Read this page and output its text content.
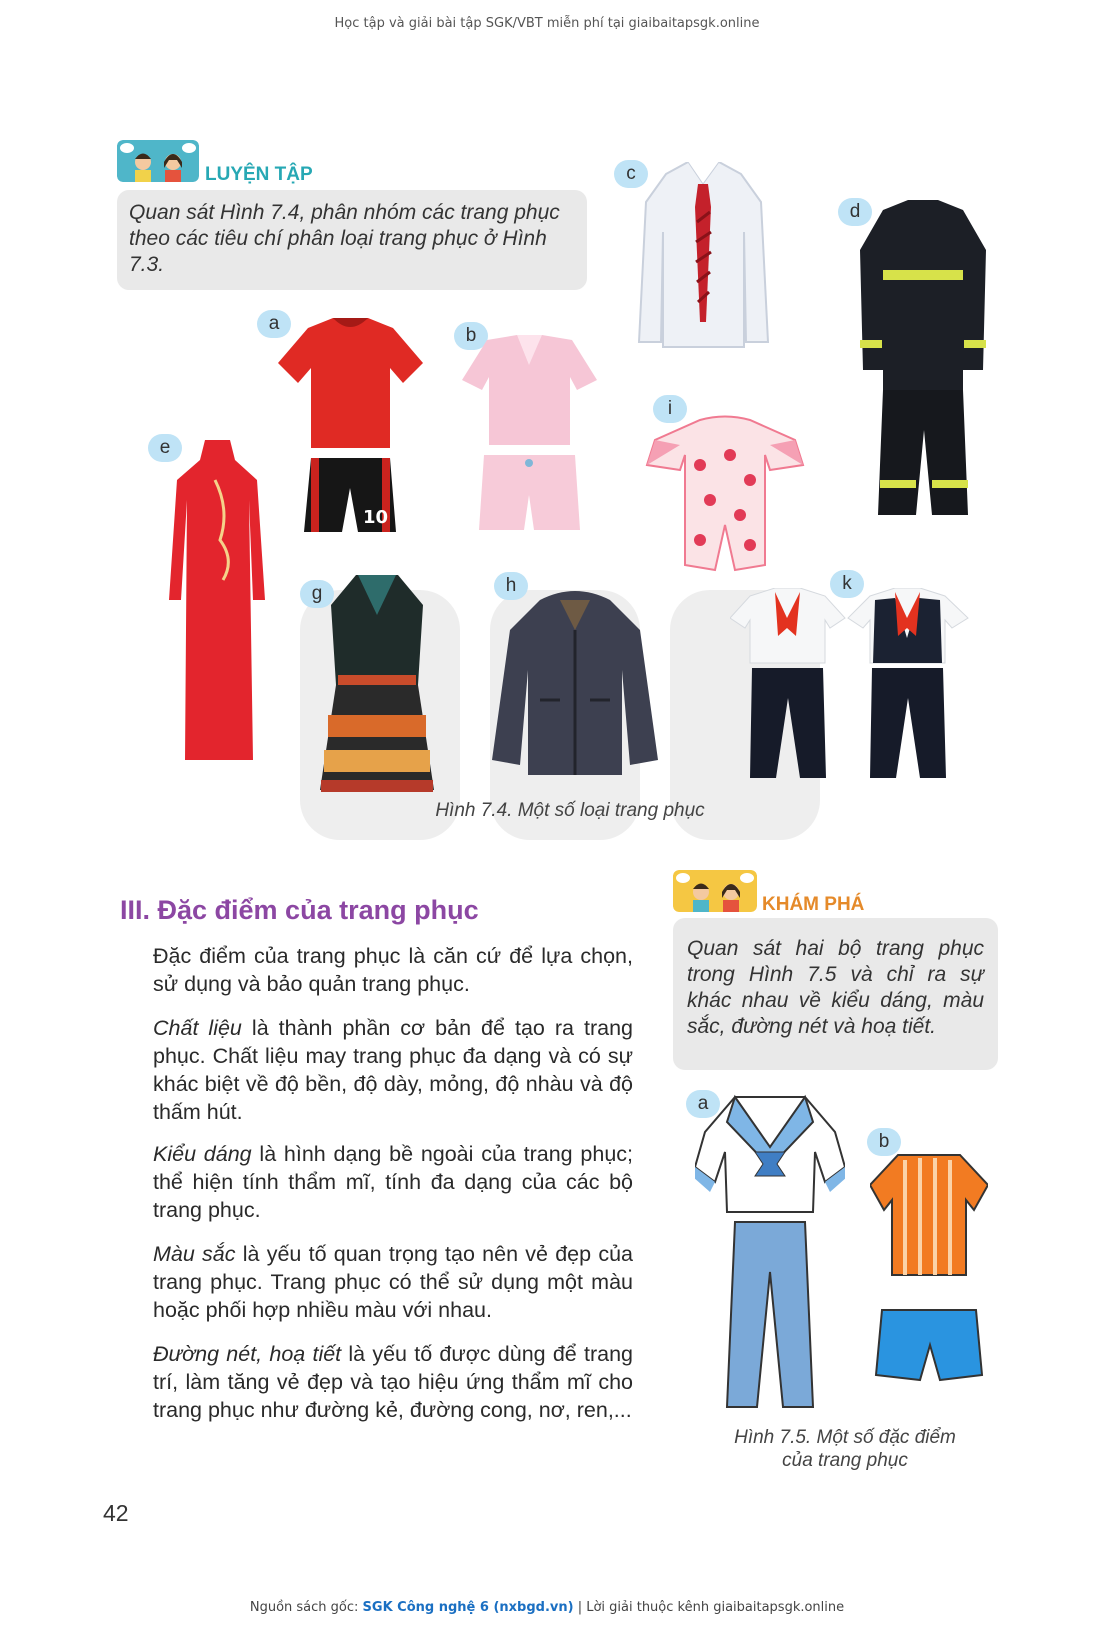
Học tập và giải bài tập SGK/VBT miễn phí tại giaibaitapsgk.online
LUYỆN TẬP
Quan sát Hình 7.4, phân nhóm các trang phục theo các tiêu chí phân loại trang phục ở Hình 7.3.
a
10
b
c
d
e
g	h
i
k
Hình 7.4. Một số loại trang phục
III. Đặc điểm của trang phục
Đặc điểm của trang phục là căn cứ để lựa chọn, sử dụng và bảo quản trang phục.
Chất liệu là thành phần cơ bản để tạo ra trang phục. Chất liệu may trang phục đa dạng và có sự khác biệt về độ bền, độ dày, mỏng, độ nhàu và độ thấm hút.
Kiểu dáng là hình dạng bề ngoài của trang phục; thể hiện tính thẩm mĩ, tính đa dạng của các bộ trang phục.
Màu sắc là yếu tố quan trọng tạo nên vẻ đẹp của trang phục. Trang phục có thể sử dụng một màu hoặc phối hợp nhiều màu với nhau.
Đường nét, hoạ tiết là yếu tố được dùng để trang trí, làm tăng vẻ đẹp và tạo hiệu ứng thẩm mĩ cho trang phục như đường kẻ, đường cong, nơ, ren,...
KHÁM PHÁ
Quan sát hai bộ trang phục trong Hình 7.5 và chỉ ra sự khác nhau về kiểu dáng, màu sắc, đường nét và hoạ tiết.
a
b
Hình 7.5. Một số đặc điểm
của trang phục
42
Nguồn sách gốc: SGK Công nghệ 6 (nxbgd.vn) | Lời giải thuộc kênh giaibaitapsgk.online
